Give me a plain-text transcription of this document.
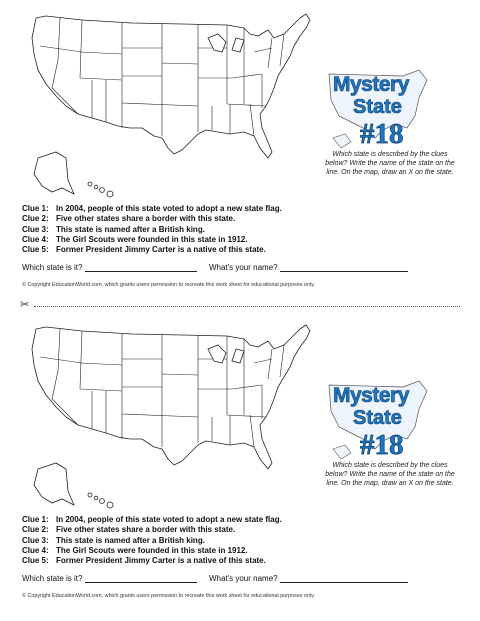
Mystery
State
#18
Which state is described by the clues below? Write the name of the state on the line. On the map, draw an X on the state.
Clue 1: In 2004, people of this state voted to adopt a new state flag.
Clue 2: Five other states share a border with this state.
Clue 3: This state is named after a British king.
Clue 4: The Girl Scouts were founded in this state in 1912.
Clue 5: Former President Jimmy Carter is a native of this state.
Which state is it?	What's your name?
© Copyright EducationWorld.com, which grants users permission to recreate this work sheet for educational purposes only.
✂
Mystery
State
#18
Which state is described by the clues below? Write the name of the state on the line. On the map, draw an X on the state.
Clue 1: In 2004, people of this state voted to adopt a new state flag.
Clue 2: Five other states share a border with this state.
Clue 3: This state is named after a British king.
Clue 4: The Girl Scouts were founded in this state in 1912.
Clue 5: Former President Jimmy Carter is a native of this state.
Which state is it?	What's your name?
© Copyright EducationWorld.com, which grants users permission to recreate this work sheet for educational purposes only.
